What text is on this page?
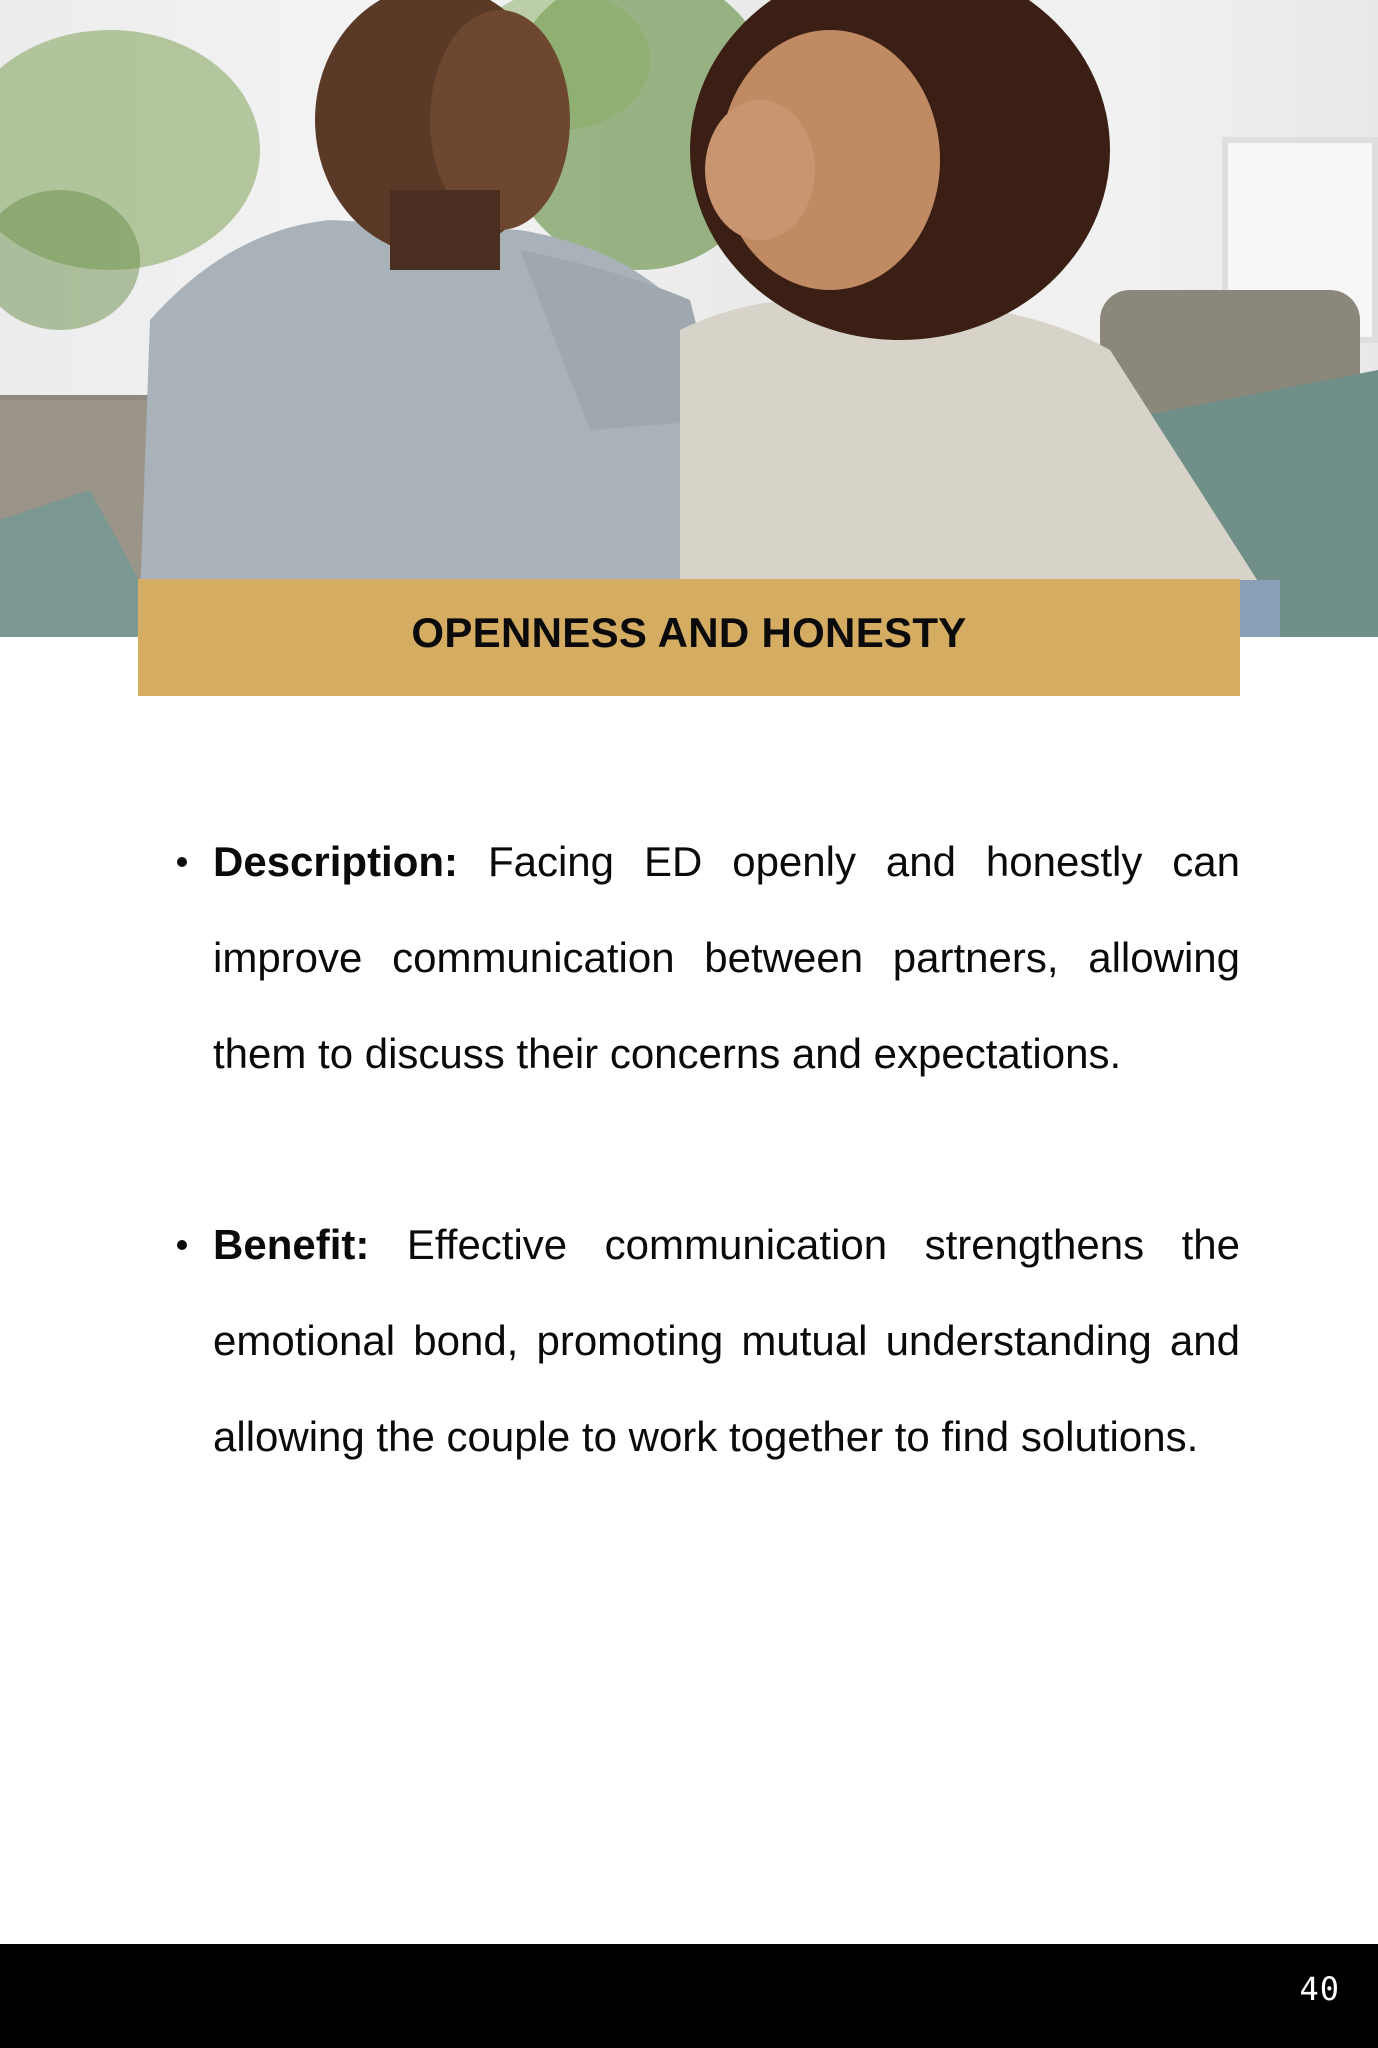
OPENNESS AND HONESTY
Description: Facing ED openly and honestly can improve communication between partners, allowing them to discuss their concerns and expectations.
Benefit: Effective communication strengthens the emotional bond, promoting mutual understanding and allowing the couple to work together to find solutions.
40
